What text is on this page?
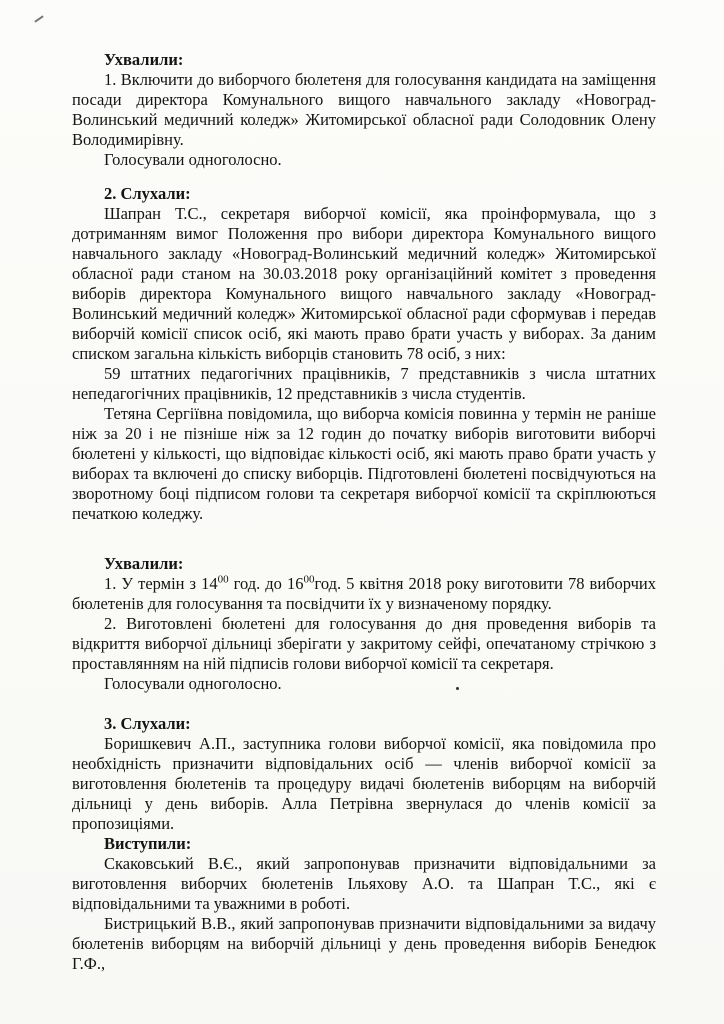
Ухвалили:

1. Включити до виборчого бюлетеня для голосування кандидата на заміщення посади директора Комунального вищого навчального закладу «Новоград-Волинський медичний коледж» Житомирської обласної ради Солодовник Олену Володимирівну.

Голосували одноголосно.

2. Слухали:

Шапран Т.С., секретаря виборчої комісії, яка проінформувала, що з дотриманням вимог Положення про вибори директора Комунального вищого навчального закладу «Новоград-Волинський медичний коледж» Житомирської обласної ради станом на 30.03.2018 року організаційний комітет з проведення виборів директора Комунального вищого навчального закладу «Новоград-Волинський медичний коледж» Житомирської обласної ради сформував і передав виборчій комісії список осіб, які мають право брати участь у виборах. За даним списком загальна кількість виборців становить 78 осіб, з них:

59 штатних педагогічних працівників, 7 представників з числа штатних непедагогічних працівників, 12 представників з числа студентів.

Тетяна Сергіївна повідомила, що виборча комісія повинна у термін не раніше ніж за 20 і не пізніше ніж за 12 годин до початку виборів виготовити виборчі бюлетені у кількості, що відповідає кількості осіб, які мають право брати участь у виборах та включені до списку виборців. Підготовлені бюлетені посвідчуються на зворотному боці підписом голови та секретаря виборчої комісії та скріплюються печаткою коледжу.

Ухвалили:

1. У термін з $14^{00}$ год. до $16^{00}год$. 5 квітня 2018 року виготовити 78 виборчих бюлетенів для голосування та посвідчити їх у визначеному порядку.

2. Виготовлені бюлетені для голосування до дня проведення виборів та відкриття виборчої дільниці зберігати у закритому сейфі, опечатаному стрічкою з проставлянням на ній підписів голови виборчої комісії та секретаря.

Голосували одноголосно.

3. Слухали:

Боришкевич А.П., заступника голови виборчої комісії, яка повідомила про необхідність призначити відповідальних осіб — членів виборчої комісії за виготовлення бюлетенів та процедуру видачі бюлетенів виборцям на виборчій дільниці у день виборів. Алла Петрівна звернулася до членів комісії за пропозиціями.

Виступили:

Скаковський В.Є., який запропонував призначити відповідальними за виготовлення виборчих бюлетенів Ільяхову А.О. та Шапран Т.С., які є відповідальними та уважними в роботі.

Бистрицький В.В., який запропонував призначити відповідальними за видачу бюлетенів виборцям на виборчій дільниці у день проведення виборів Бенедюк Г.Ф.,
